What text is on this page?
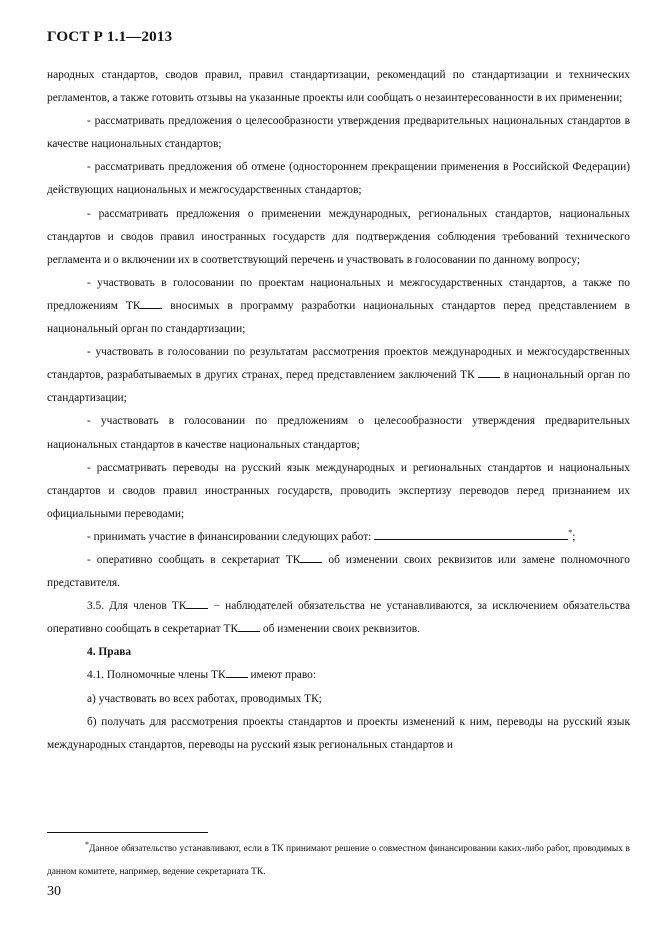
ГОСТ Р 1.1—2013

народных стандартов, сводов правил, правил стандартизации, рекомендаций по стандартизации и технических регламентов, а также готовить отзывы на указанные проекты или сообщать о незаинтересованности в их применении;

- рассматривать предложения о целесообразности утверждения предварительных национальных стандартов в качестве национальных стандартов;

- рассматривать предложения об отмене (одностороннем прекращении применения в Российской Федерации) действующих национальных и межгосударственных стандартов;

- рассматривать предложения о применении международных, региональных стандартов, национальных стандартов и сводов правил иностранных государств для подтверждения соблюдения требований технического регламента и о включении их в соответствующий перечень и участвовать в голосовании по данному вопросу;

- участвовать в голосовании по проектам национальных и межгосударственных стандартов, а также по предложениям ТК	вносимых в программу разработки национальных стандартов перед представлением в национальный орган по стандартизации;

- участвовать в голосовании по результатам рассмотрения проектов международных и межгосударственных стандартов, разрабатываемых в других странах, перед представлением заключений ТК	в национальный орган по стандартизации;

- участвовать в голосовании по предложениям о целесообразности утверждения предварительных национальных стандартов в качестве национальных стандартов;

- рассматривать переводы на русский язык международных и региональных стандартов и национальных стандартов и сводов правил иностранных государств, проводить экспертизу переводов перед признанием их официальными переводами;

- принимать участие в финансировании следующих работ:	*;

- оперативно сообщать в секретариат ТК об изменении своих реквизитов или замене полномочного представителя.

3.5. Для членов ТК − наблюдателей обязательства не устанавливаются, за исключением обязательства оперативно сообщать в секретариат ТК об изменении своих реквизитов.

4. Права

4.1. Полномочные члены ТК имеют право:

а) участвовать во всех работах, проводимых ТК;

б) получать для рассмотрения проекты стандартов и проекты изменений к ним, переводы на русский язык международных стандартов, переводы на русский язык региональных стандартов и

*Данное обязательство устанавливают, если в ТК принимают решение о совместном финансировании каких-либо работ, проводимых в данном комитете, например, ведение секретариата ТК.

30
